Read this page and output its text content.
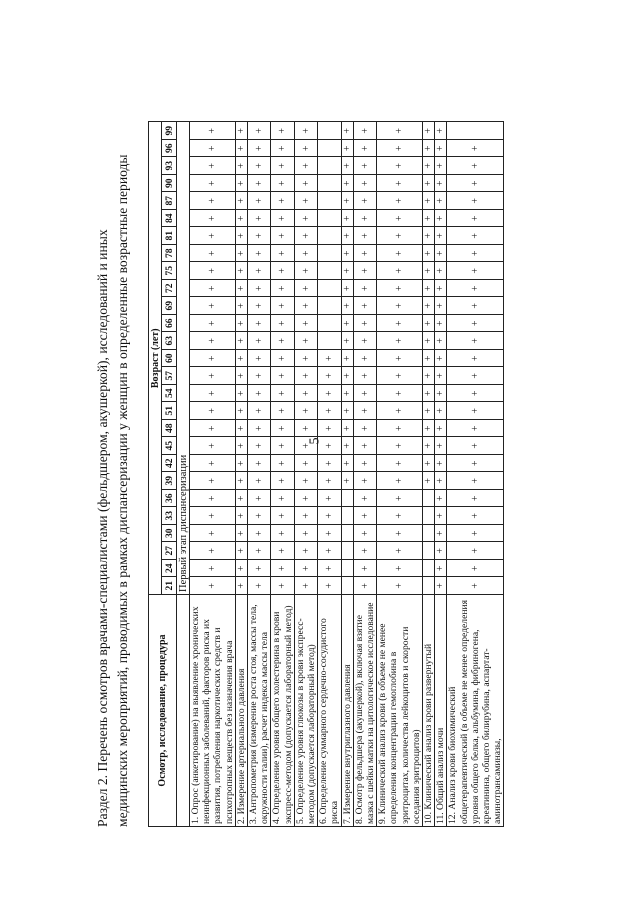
5
Раздел 2. Перечень осмотров врачами-специалистами (фельдшером, акушеркой), исследований и иных медицинских мероприятий, проводимых в рамках диспансеризации у женщин в определенные возрастные периоды	Осмотр, исследование, процедура	Возраст (лет)																										
	21	24	27	30	33	36	39	42	45	48	51	54	57	60	63	66	69	72	75	78	81	84	87	90	93	96	99
	Первый этап диспансеризации																										
1. Опрос (анкетирование) на выявление хронических неинфекционных заболеваний, факторов риска их развития, потребления наркотических средств и психотропных веществ без назначения врача	+	+	+	+	+	+	+	+	+	+	+	+	+	+	+	+	+	+	+	+	+	+	+	+	+	+	+
2. Измерение артериального давления	+	+	+	+	+	+	+	+	+	+	+	+	+	+	+	+	+	+	+	+	+	+	+	+	+	+	+
3. Антропометрия (измерение роста стоя, массы тела, окружности талии), расчет индекса массы тела	+	+	+	+	+	+	+	+	+	+	+	+	+	+	+	+	+	+	+	+	+	+	+	+	+	+	+
4. Определение уровня общего холестерина в крови экспресс-методом (допускается лабораторный метод)	+	+	+	+	+	+	+	+	+	+	+	+	+	+	+	+	+	+	+	+	+	+	+	+	+	+	+
5. Определение уровня глюкозы в крови экспресс-методом (допускается лабораторный метод)	+	+	+	+	+	+	+	+	+	+	+	+	+	+	+	+	+	+	+	+	+	+	+	+	+	+	+
6. Определение суммарного сердечно-сосудистого риска	+	+	+	+	+	+	+	+	+	+	+	+	+	+													
7. Измерение внутриглазного давления							+	+	+	+	+	+	+	+	+	+	+	+	+	+	+	+	+	+	+	+	+
8. Осмотр фельдшера (акушеркой), включая взятие мазка с шейки матки на цитологическое исследование	+	+	+	+	+	+	+	+	+	+	+	+	+	+	+	+	+	+	+	+	+	+	+	+	+	+	+
9. Клинический анализ крови (в объеме не менее определения концентрации гемоглобина в эритроцитах, количества лейкоцитов и скорости оседания эритроцитов)	+	+	+	+	+	+	+	+	+	+	+	+	+	+	+	+	+	+	+	+	+	+	+	+	+	+	+
10. Клинический анализ крови развернутый							+	+	+	+	+	+	+	+	+	+	+	+	+	+	+	+	+	+	+	+	+
11. Общий анализ мочи	+	+	+	+	+	+	+	+	+	+	+	+	+	+	+	+	+	+	+	+	+	+	+	+	+	+	+
12. Анализ крови биохимический общетерапевтический (в объеме не менее определения уровня общего белка, альбумина, фибриногена, креатинина, общего билирубина, аспартат-аминотрансаминазы,	+	+	+	+	+	+	+	+	+	+	+	+	+	+	+	+	+	+	+	+	+	+	+	+	+	+	
